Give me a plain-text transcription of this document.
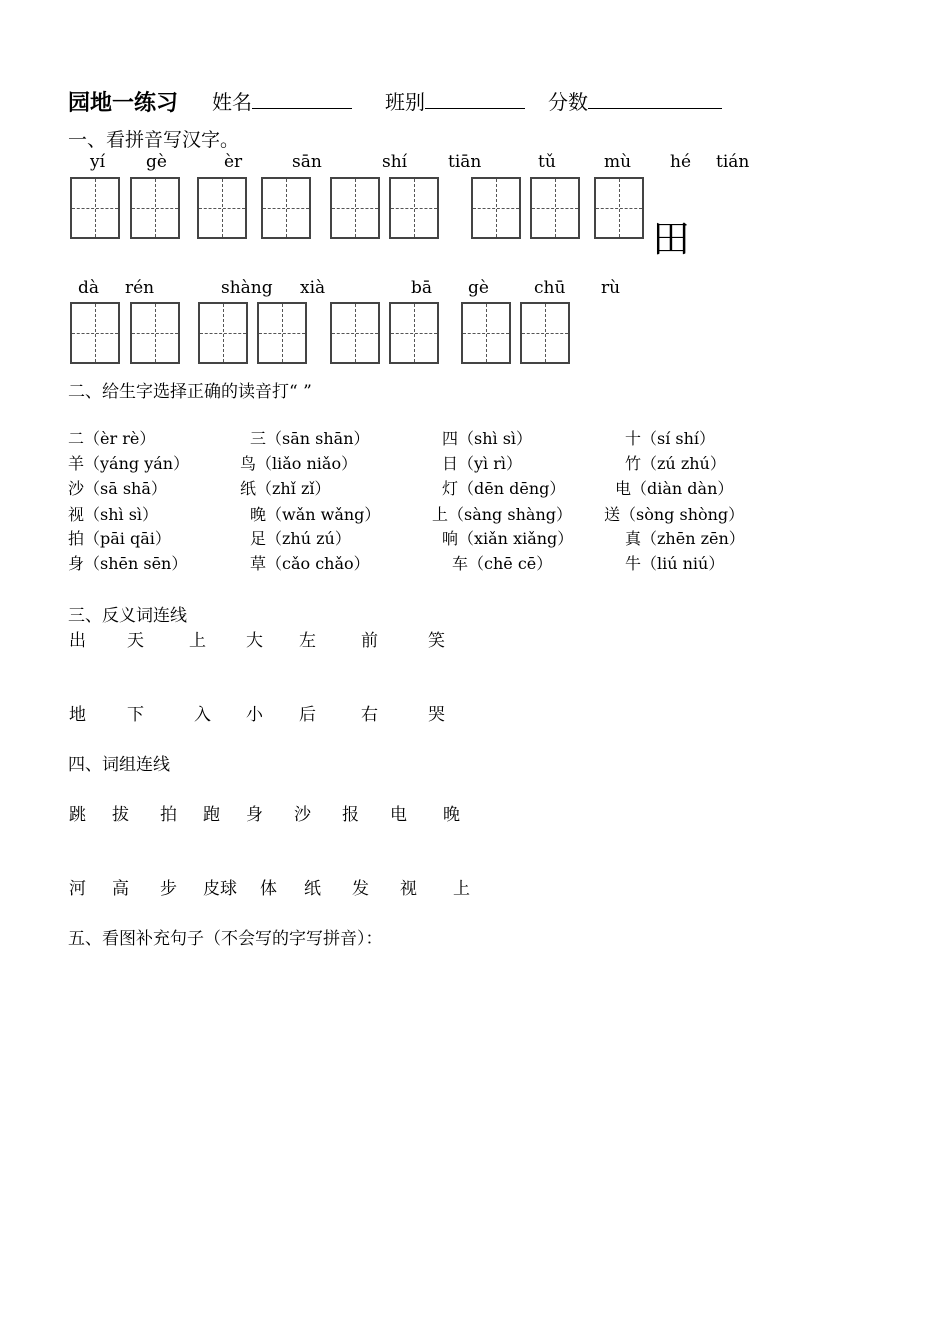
园地一练习 姓名	班别	分数
一、看拼音写汉字。
yí gè	èr	sān	shí tiān	tǔ	mù hé tián
田
dà rén	shàng xià	bā gè	chū rù
二、给生字选择正确的读音打“ ”
二（èr rè）	三（sān shān）	四（shì sì）	十（sí shí）
羊（yáng yán）	鸟（liǎo niǎo）	日（yì rì）	竹（zú zhú）
沙（sā shā）	纸（zhǐ zǐ）	灯（dēn dēng）	电（diàn dàn）
视（shì sì）	晚（wǎn wǎng）	上（sàng shàng） 送（sòng shòng）
拍（pāi qāi）	足（zhú zú）	响（xiǎn xiǎng）	真（zhēn zēn）
身（shēn sēn）	草（cǎo chǎo）	车（chē cē）	牛（liú niú）
三、反义词连线
出 天	上 大 左	前	笑
地 下	入 小 后	右	哭
四、词组连线
跳 拔 拍 跑 身 沙 报 电 晚
河 高 步 皮球 体 纸 发 视 上
五、看图补充句子（不会写的字写拼音）：
